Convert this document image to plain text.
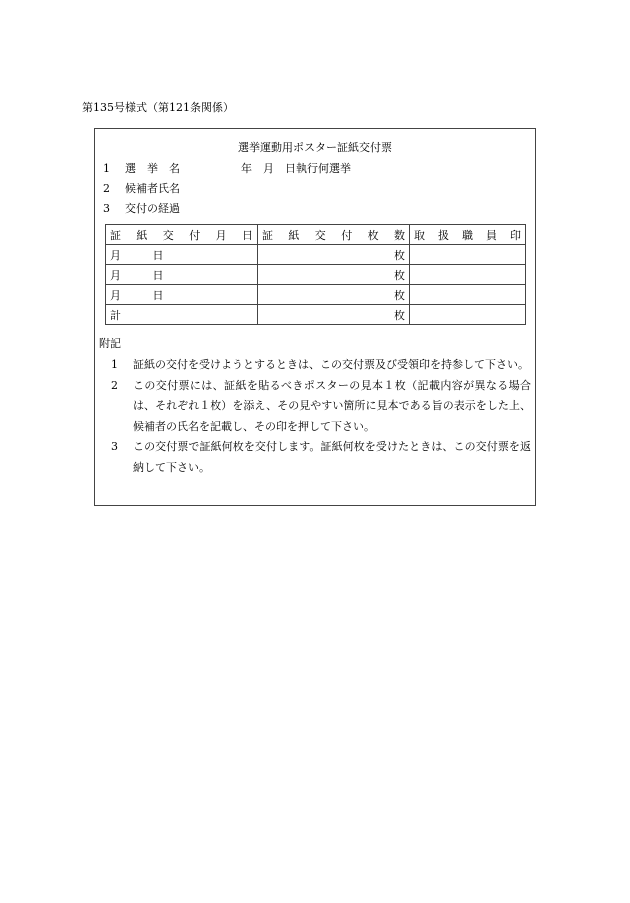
第135号様式（第121条関係）
選挙運動用ポスター証紙交付票
1 選　挙　名	年　月　日執行何選挙
2 候補者氏名
3 交付の経過
証紙交付月日	証紙交付枚数	取扱職員印
月 日	枚	
月 日	枚	
月 日	枚	
計	枚	
附記
1	証紙の交付を受けようとするときは、この交付票及び受領印を持参して下さい。
2	この交付票には、証紙を貼るべきポスターの見本１枚（記載内容が異なる場合は、それぞれ１枚）を添え、その見やすい箇所に見本である旨の表示をした上、候補者の氏名を記載し、その印を押して下さい。
3	この交付票で証紙何枚を交付します。証紙何枚を受けたときは、この交付票を返納して下さい。
